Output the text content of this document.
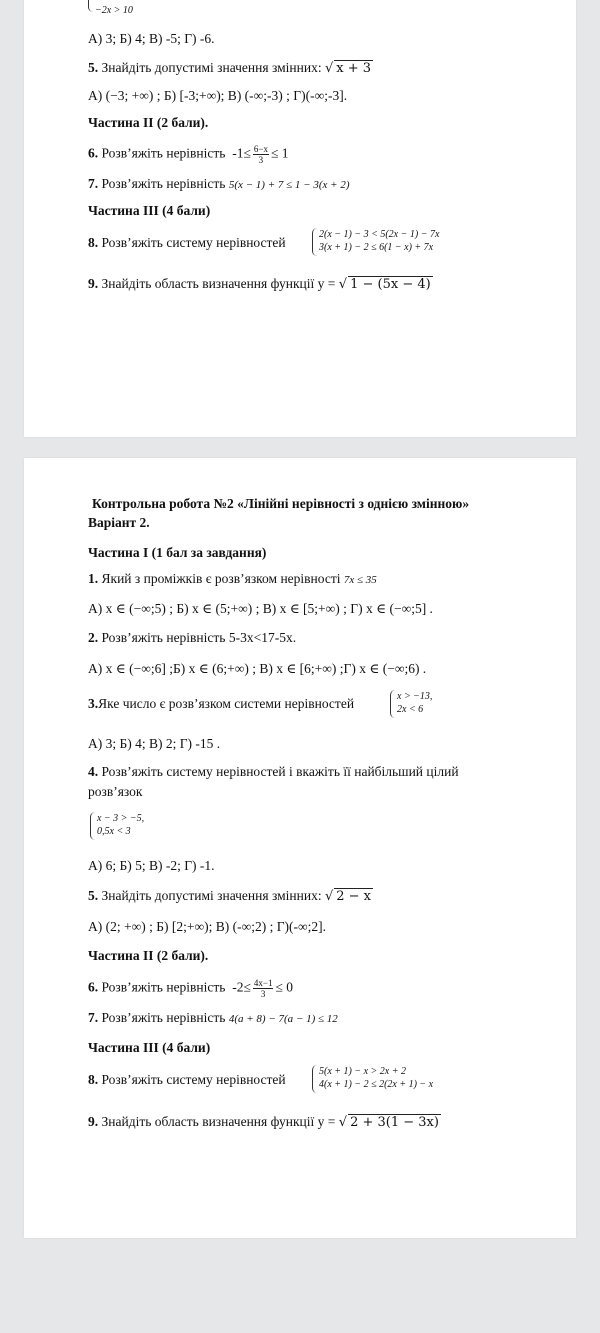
−2x > 10
А) 3; Б) 4; В) -5; Г) -6.
5. Знайдіть допустимі значення змінних: √ x + 3
А) (−3; +∞) ; Б) [-3;+∞); В) (-∞;-3) ; Г)(-∞;-3].
Частина ІІ (2 бали).
6. Розв’яжіть нерівність $-1\le \frac{6-x}{3} \le 1$
7. Розв’яжіть нерівність 5(x − 1) + 7 ≤ 1 − 3(x + 2)
Частина ІІІ (4 бали)
8. Розв’яжіть систему нерівностей
2(x − 1) − 3 < 5(2x − 1) − 7x
3(x + 1) − 2 ≤ 6(1 − x) + 7x
9. Знайдіть область визначення функції y = √ 1 − (5x − 4)
Контрольна робота №2 «Лінійні нерівності з однією змінною»
Варіант 2.
Частина І (1 бал за завдання)
1. Який з проміжків є розв’язком нерівності 7x ≤ 35
А) x ∈ (−∞;5) ; Б) x ∈ (5;+∞) ; В) x ∈ [5;+∞) ; Г) x ∈ (−∞;5] .
2. Розв’яжіть нерівність 5-3x<17-5x.
А) x ∈ (−∞;6] ;Б) x ∈ (6;+∞) ; В) x ∈ [6;+∞) ;Г) x ∈ (−∞;6) .
3.Яке число є розв’язком системи нерівностей	x > −13,
2x < 6
А) 3; Б) 4; В) 2; Г) -15 .
4. Розв’яжіть систему нерівностей і вкажіть її найбільший цілий
розв’язок
x − 3 > −5,
0,5x < 3
А) 6; Б) 5; В) -2; Г) -1.
5. Знайдіть допустимі значення змінних: √ 2 − x
А) (2; +∞) ; Б) [2;+∞); В) (-∞;2) ; Г)(-∞;2].
Частина ІІ (2 бали).
6. Розв’яжіть нерівність $-2\le \frac{4x-1}{3} \le 0$
7. Розв’яжіть нерівність 4(a + 8) − 7(a − 1) ≤ 12
Частина ІІІ (4 бали)
8. Розв’яжіть систему нерівностей
5(x + 1) − x > 2x + 2
4(x + 1) − 2 ≤ 2(2x + 1) − x
9. Знайдіть область визначення функції y = √ 2 + 3(1 − 3x)
